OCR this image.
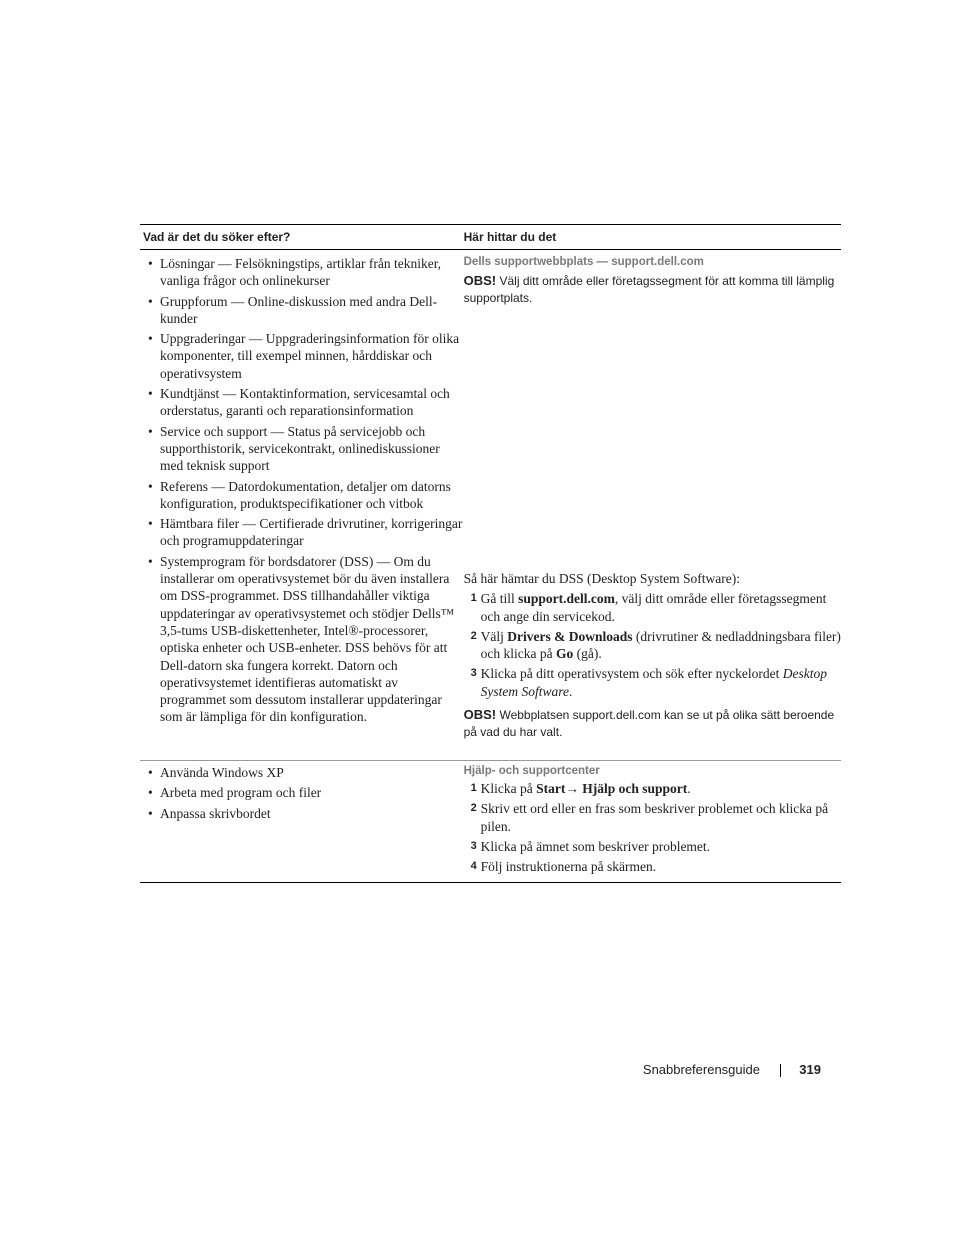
Vad är det du söker efter?	Här hittar du det
• Lösningar — Felsökningstips, artiklar från tekniker, vanliga frågor och onlinekurser
• Gruppforum — Online-diskussion med andra Dell-kunder
• Uppgraderingar — Uppgraderingsinformation för olika komponenter, till exempel minnen, hårddiskar och operativsystem
• Kundtjänst — Kontaktinformation, servicesamtal och orderstatus, garanti och reparationsinformation
• Service och support — Status på servicejobb och supporthistorik, servicekontrakt, onlinediskussioner med teknisk support
• Referens — Datordokumentation, detaljer om datorns konfiguration, produktspecifikationer och vitbok
• Hämtbara filer — Certifierade drivrutiner, korrigeringar och programuppdateringar
• Systemprogram för bordsdatorer (DSS) — Om du installerar om operativsystemet bör du även installera om DSS-programmet. DSS tillhandahåller viktiga uppdateringar av operativsystemet och stödjer Dells™ 3,5-tums USB-diskettenheter, Intel®-processorer, optiska enheter och USB-enheter. DSS behövs för att Dell-datorn ska fungera korrekt. Datorn och operativsystemet identifieras automatiskt av programmet som dessutom installerar uppdateringar som är lämpliga för din konfiguration.
Dells supportwebbplats — support.dell.com
OBS! Välj ditt område eller företagssegment för att komma till lämplig supportplats.
Så här hämtar du DSS (Desktop System Software):
1 Gå till support.dell.com, välj ditt område eller företagssegment och ange din servicekod.
2 Välj Drivers & Downloads (drivrutiner & nedladdningsbara filer) och klicka på Go (gå).
3 Klicka på ditt operativsystem och sök efter nyckelordet Desktop System Software.
OBS! Webbplatsen support.dell.com kan se ut på olika sätt beroende på vad du har valt.
• Använda Windows XP
• Arbeta med program och filer
• Anpassa skrivbordet
Hjälp- och supportcenter
1 Klicka på Start→ Hjälp och support.
2 Skriv ett ord eller en fras som beskriver problemet och klicka på pilen.
3 Klicka på ämnet som beskriver problemet.
4 Följ instruktionerna på skärmen.
Snabbreferensguide	319
